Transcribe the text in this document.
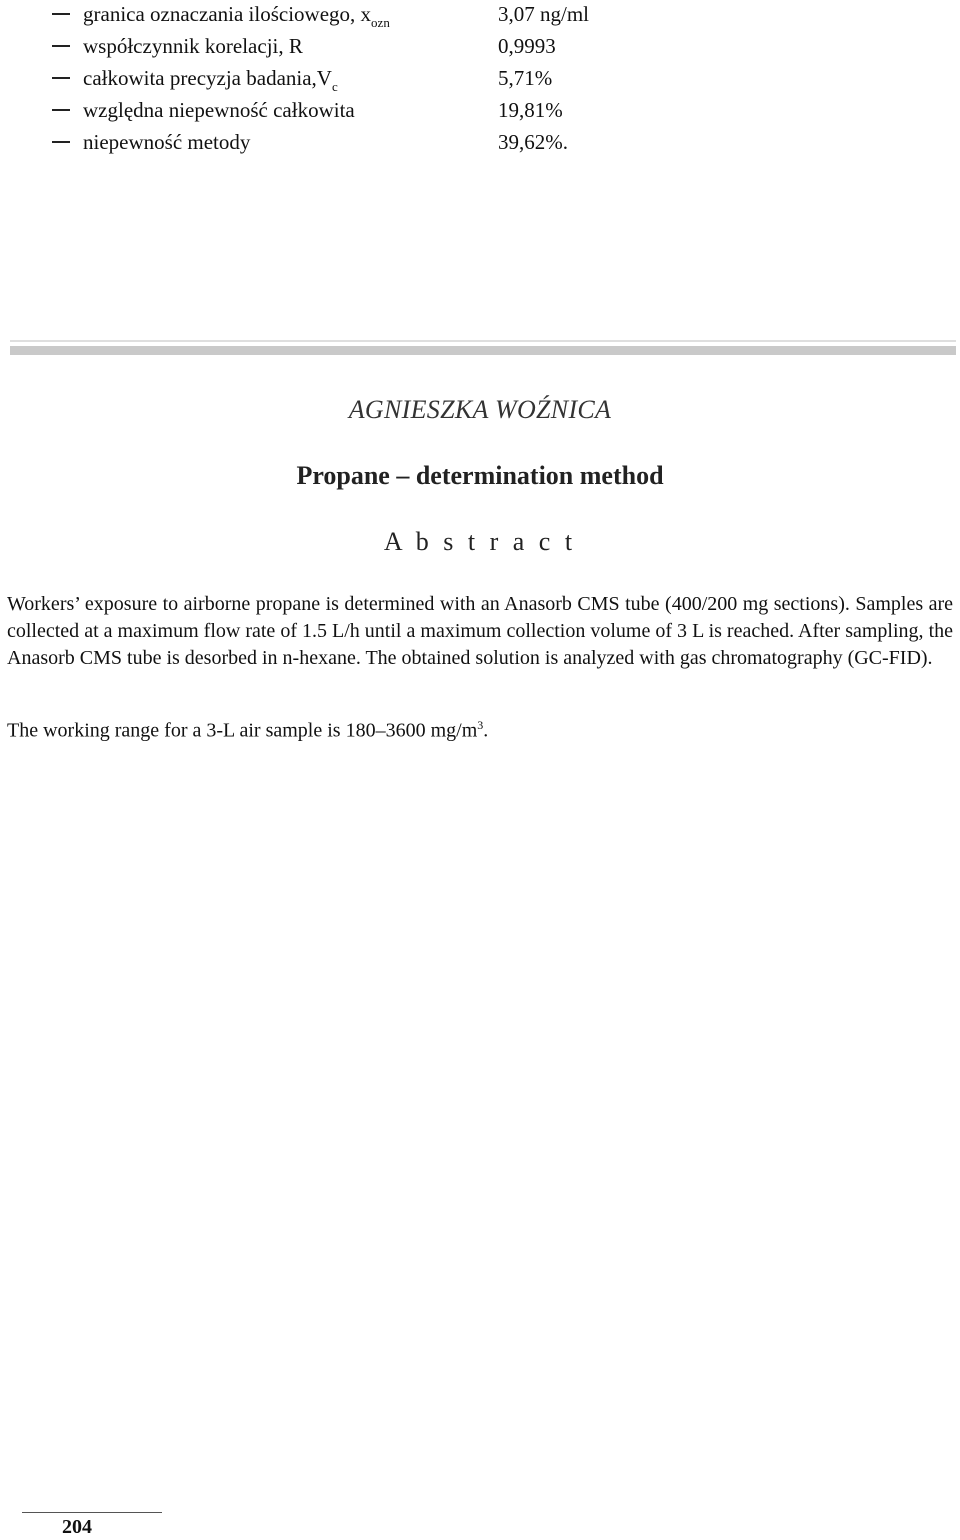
granica oznaczania ilościowego, $x_{ozn}$	3,07 ng/ml
współczynnik korelacji, R	0,9993
całkowita precyzja $badania,V_c$	5,71%
względna niepewność całkowita	19,81%
niepewność metody	39,62%.
AGNIESZKA WOŹNICA
Propane – determination method
A b s t r a c t

Workers’ exposure to airborne propane is determined with an Anasorb CMS tube (400/200 mg sections). Samples are collected at a maximum flow rate of 1.5 L/h until a maximum collection volume of 3 L is reached. After sampling, the Anasorb CMS tube is desorbed in n-hexane. The obtained solution is analyzed with gas chromatography (GC-FID).

The working range for a 3-L air sample is 180–3600 $mg/m^3$.
204
